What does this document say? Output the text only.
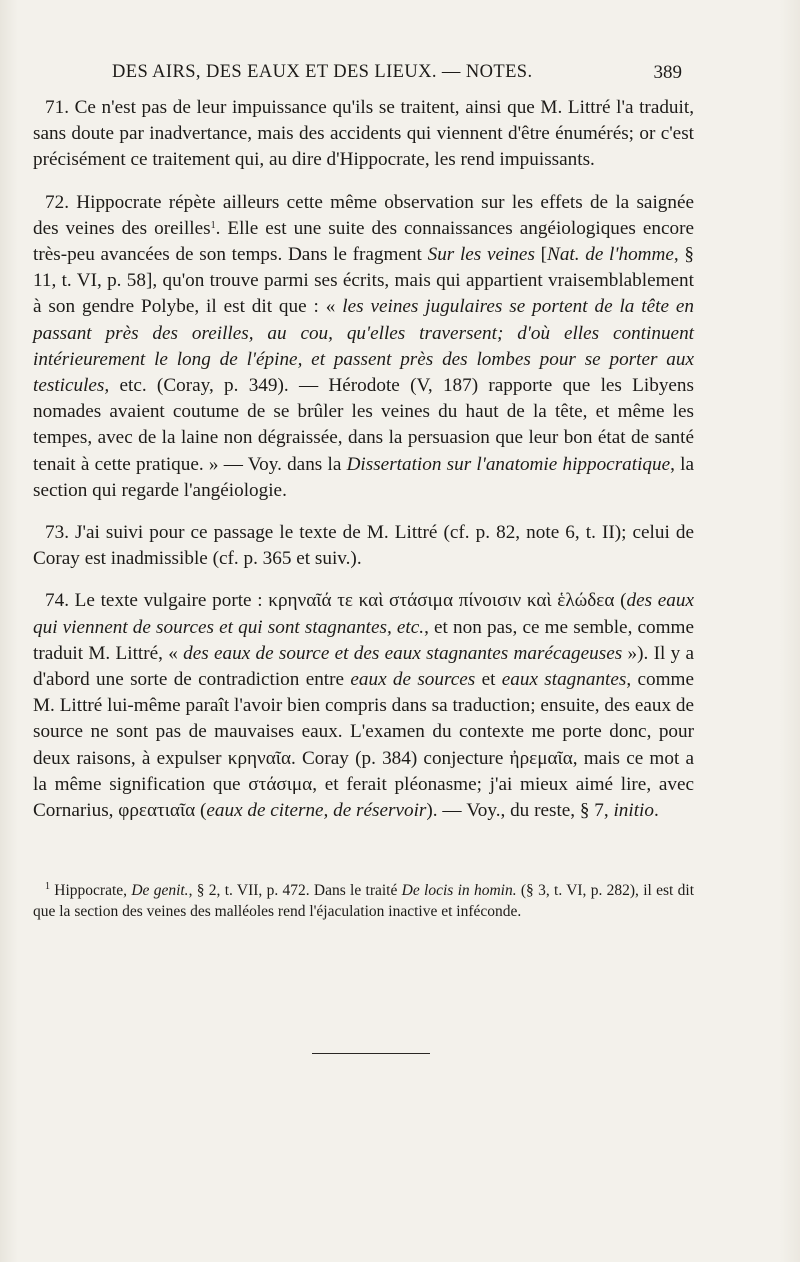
DES AIRS, DES EAUX ET DES LIEUX. — NOTES.	389

71. Ce n'est pas de leur impuissance qu'ils se traitent, ainsi que M. Littré l'a traduit, sans doute par inadvertance, mais des accidents qui viennent d'être énumérés; or c'est précisément ce traitement qui, au dire d'Hippocrate, les rend impuissants.

72. Hippocrate répète ailleurs cette même observation sur les effets de la saignée des veines des oreilles$^1$. Elle est une suite des connaissances angéiologiques encore très-peu avancées de son temps. Dans le fragment Sur les veines [Nat. de l'homme, § 11, t. VI, p. 58], qu'on trouve parmi ses écrits, mais qui appartient vraisemblablement à son gendre Polybe, il est dit que : « les veines jugulaires se portent de la tête en passant près des oreilles, au cou, qu'elles traversent; d'où elles continuent intérieurement le long de l'épine, et passent près des lombes pour se porter aux testicules, etc. (Coray, p. 349). — Hérodote (V, 187) rapporte que les Libyens nomades avaient coutume de se brûler les veines du haut de la tête, et même les tempes, avec de la laine non dégraissée, dans la persuasion que leur bon état de santé tenait à cette pratique. » — Voy. dans la Dissertation sur l'anatomie hippocratique, la section qui regarde l'angéiologie.

73. J'ai suivi pour ce passage le texte de M. Littré (cf. p. 82, note 6, t. II); celui de Coray est inadmissible (cf. p. 365 et suiv.).

74. Le texte vulgaire porte : κρηναῖά τε καὶ στάσιμα πίνοισιν καὶ ἑλώδεα (des eaux qui viennent de sources et qui sont stagnantes, etc., et non pas, ce me semble, comme traduit M. Littré, « des eaux de source et des eaux stagnantes marécageuses »). Il y a d'abord une sorte de contradiction entre eaux de sources et eaux stagnantes, comme M. Littré lui-même paraît l'avoir bien compris dans sa traduction; ensuite, des eaux de source ne sont pas de mauvaises eaux. L'examen du contexte me porte donc, pour deux raisons, à expulser κρηναῖα. Coray (p. 384) conjecture ἠρεμαῖα, mais ce mot a la même signification que στάσιμα, et ferait pléonasme; j'ai mieux aimé lire, avec Cornarius, φρεατιαῖα (eaux de citerne, de réservoir). — Voy., du reste, § 7, initio.

$^1$ Hippocrate, De genit., § 2, t. VII, p. 472. Dans le traité De locis in homin. (§ 3, t. VI, p. 282), il est dit que la section des veines des malléoles rend l'éjaculation inactive et inféconde.
